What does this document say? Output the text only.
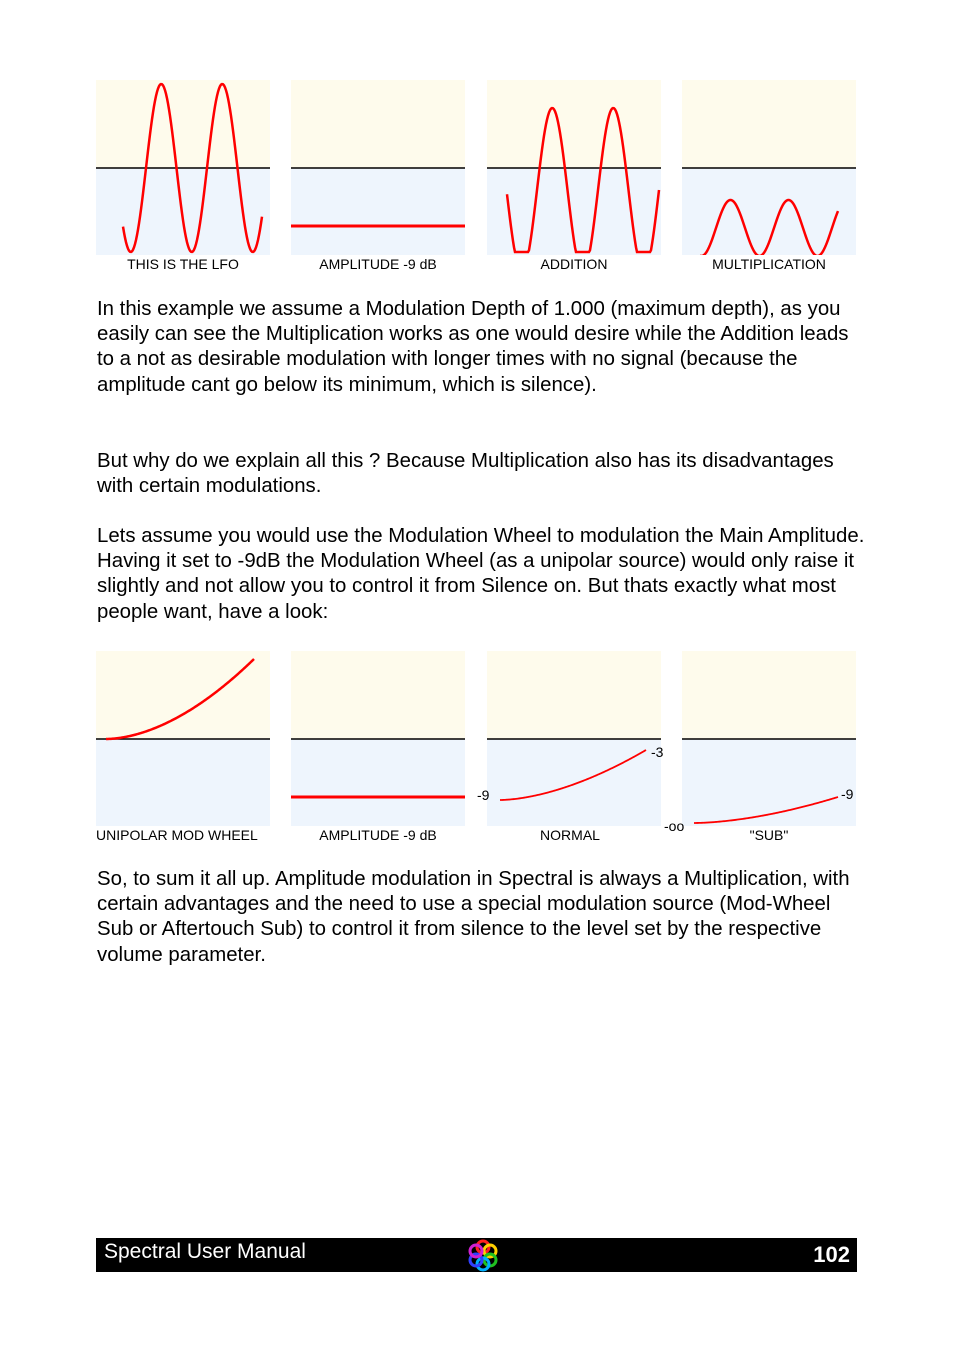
THIS IS THE LFO	AMPLITUDE -9 dB	ADDITION	MULTIPLICATION

In this example we assume a Modulation Depth of 1.000 (maximum depth), as you easily can see the Multiplication works as one would desire while the Addition leads to a not as desirable modulation with longer times with no signal (because the amplitude cant go below its minimum, which is silence).

But why do we explain all this ? Because Multiplication also has its disadvantages with certain modulations.

Lets assume you would use the Modulation Wheel to modulation the Main Amplitude. Having it set to -9dB the Modulation Wheel (as a unipolar source) would only raise it slightly and not allow you to control it from Silence on. But thats exactly what most people want, have a look:

UNIPOLAR MOD WHEEL	AMPLITUDE -9 dB
-9
-3
NORMAL
-oo
-9
"SUB"

So, to sum it all up. Amplitude modulation in Spectral is always a Multiplication, with certain advantages and the need to use a special modulation source (Mod-Wheel Sub or Aftertouch Sub) to control it from silence to the level set by the respective volume parameter.

Spectral User Manual	102
